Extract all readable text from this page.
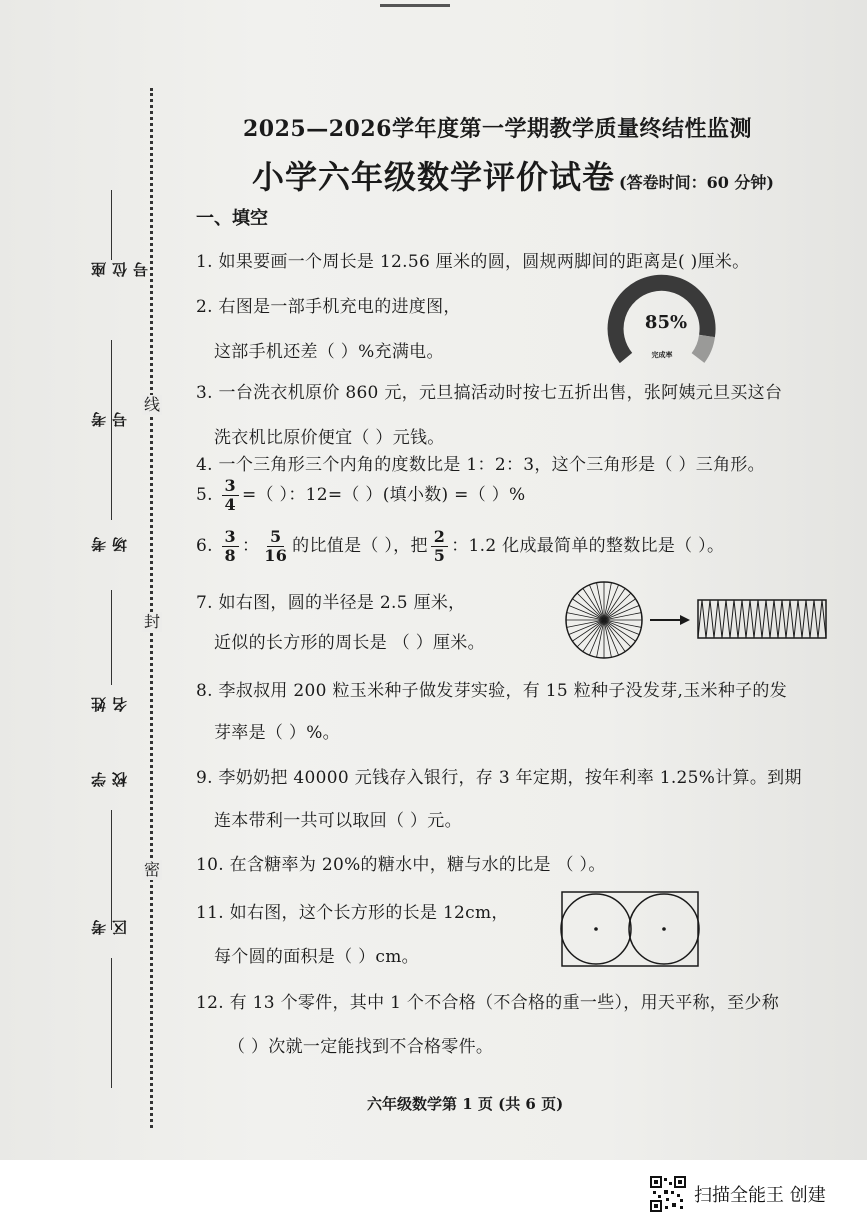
线
封
密
座位号
考号
考场
姓名
学校
考区
2025—2026学年度第一学期教学质量终结性监测
小学六年级数学评价试卷 (答卷时间：60 分钟)
一、填空
1. 如果要画一个周长是 12.56 厘米的圆，圆规两脚间的距离是( )厘米。
2. 右图是一部手机充电的进度图，
这部手机还差（ ）%充满电。
85%
完成率
3. 一台洗衣机原价 860 元，元旦搞活动时按七五折出售，张阿姨元旦买这台
洗衣机比原价便宜（ ）元钱。
4. 一个三角形三个内角的度数比是 1：2：3，这个三角形是（ ）三角形。
5. $\frac{3}{4}$ =（ ）：12=（ ）(填小数) =（ ）%
6. $\frac{3}{8}$ ： $\frac{5}{16}$ 的比值是（ ），把 $\frac{2}{5}$ ：1.2 化成最简单的整数比是（ ）。
7. 如右图，圆的半径是 2.5 厘米，
近似的长方形的周长是 （ ）厘米。
8. 李叔叔用 200 粒玉米种子做发芽实验，有 15 粒种子没发芽,玉米种子的发
芽率是（ ）%。
9. 李奶奶把 40000 元钱存入银行，存 3 年定期，按年利率 1.25%计算。到期
连本带利一共可以取回（ ）元。
10. 在含糖率为 20%的糖水中，糖与水的比是 （ ）。
11. 如右图，这个长方形的长是 12cm，
每个圆的面积是（ ）cm。
12. 有 13 个零件，其中 1 个不合格（不合格的重一些），用天平称，至少称
（ ）次就一定能找到不合格零件。
六年级数学第 1 页 (共 6 页)
扫描全能王 创建
